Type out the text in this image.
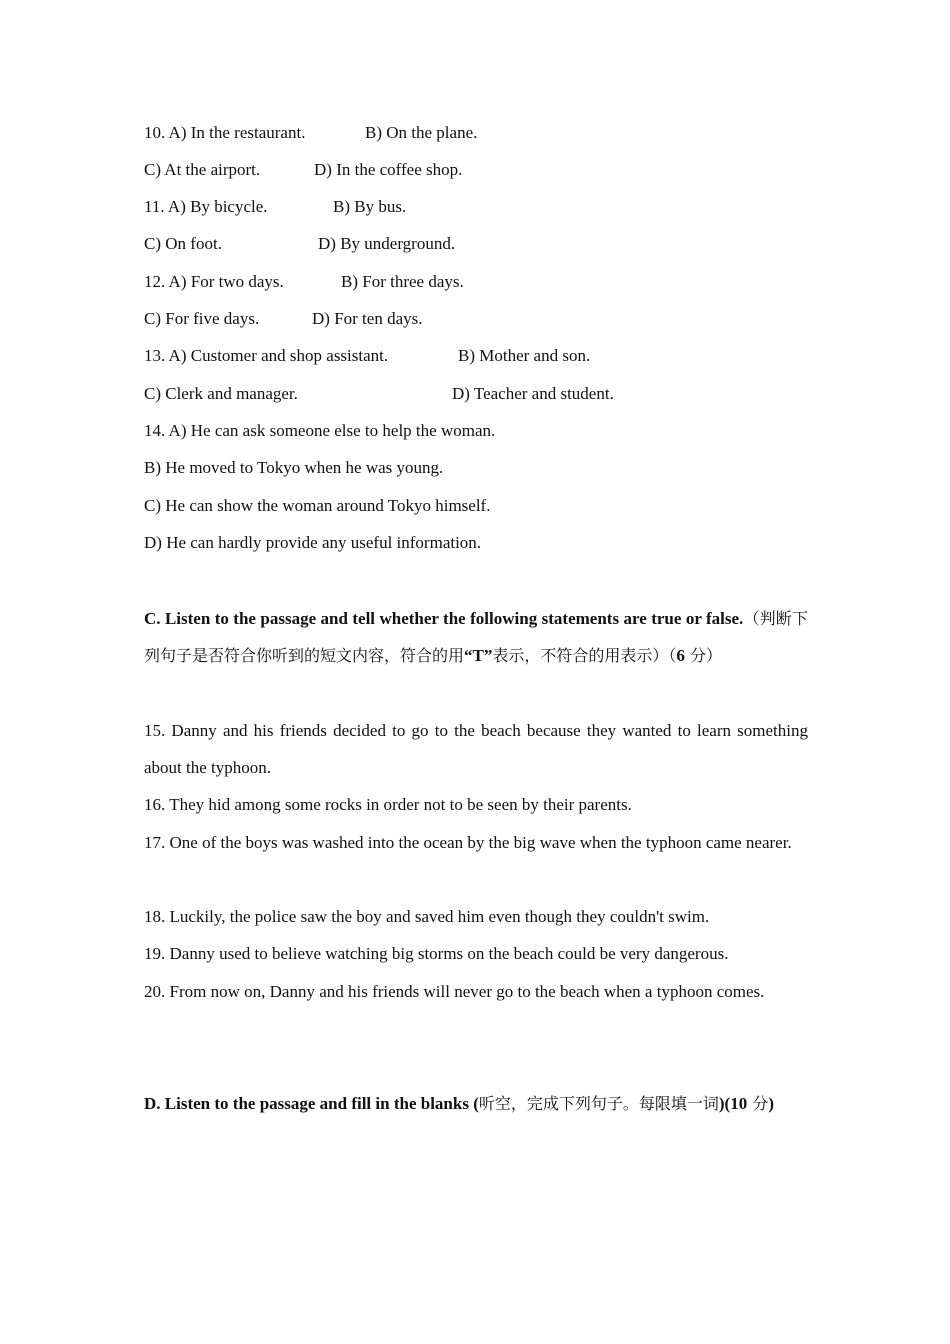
10. A) In the restaurant.	B) On the plane.
C) At the airport.	D) In the coffee shop.
11. A) By bicycle.	B) By bus.
C) On foot.	D) By underground.
12. A) For two days.	B) For three days.
C) For five days.	D) For ten days.
13. A) Customer and shop assistant.	B) Mother and son.
C) Clerk and manager.	D) Teacher and student.
14. A) He can ask someone else to help the woman.
B) He moved to Tokyo when he was young.
C) He can show the woman around Tokyo himself.
D) He can hardly provide any useful information.
C. Listen to the passage and tell whether the following statements are true or false.（判断下列句子是否符合你听到的短文内容，符合的用“T”表示，不符合的用表示）（6 分）
15. Danny and his friends decided to go to the beach because they wanted to learn something about the typhoon.
16. They hid among some rocks in order not to be seen by their parents.
17. One of the boys was washed into the ocean by the big wave when the typhoon came nearer.
18. Luckily, the police saw the boy and saved him even though they couldn't swim.
19. Danny used to believe watching big storms on the beach could be very dangerous.
20. From now on, Danny and his friends will never go to the beach when a typhoon comes.
D. Listen to the passage and fill in the blanks (听空，完成下列句子。每限填一词)(10 分)
